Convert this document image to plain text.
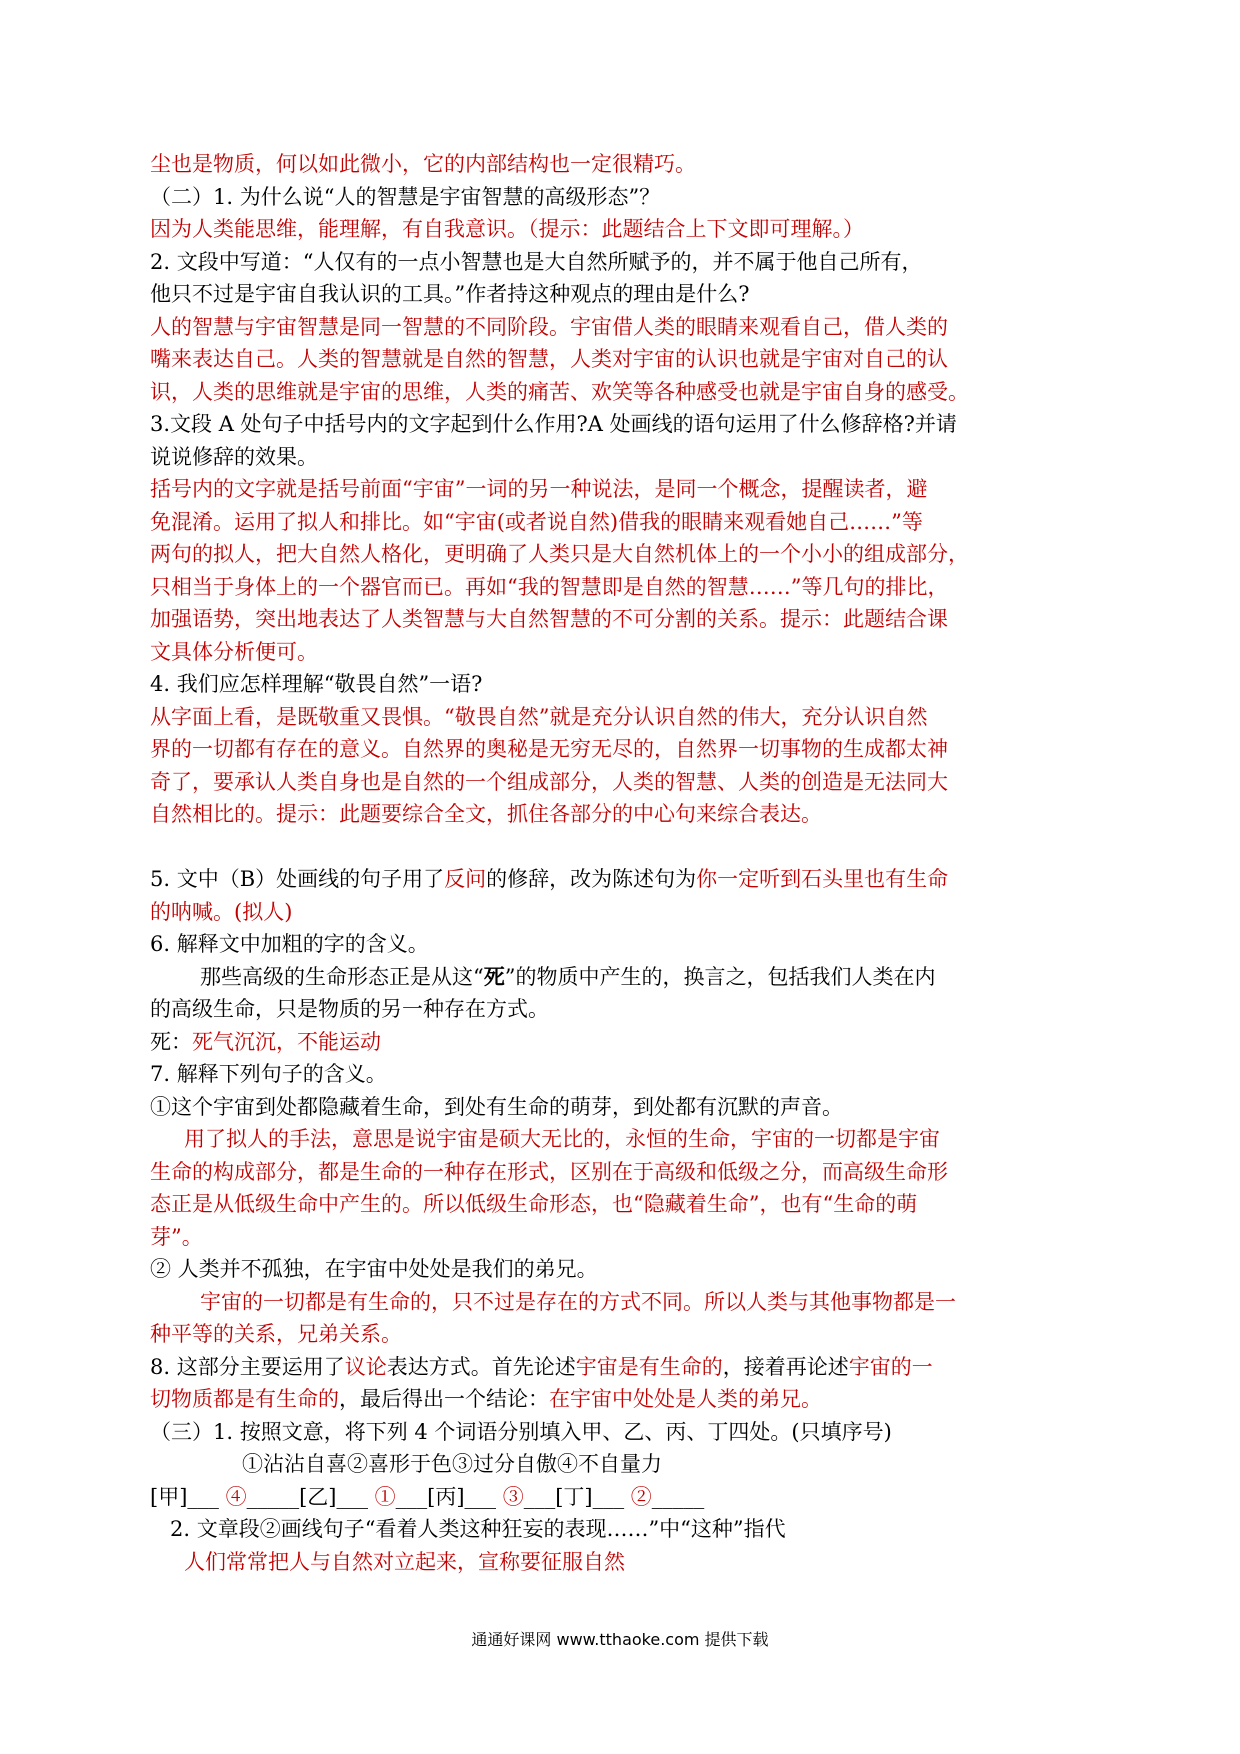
尘也是物质，何以如此微小，它的内部结构也一定很精巧。
（二）1. 为什么说“人的智慧是宇宙智慧的高级形态”？
因为人类能思维，能理解，有自我意识。（提示：此题结合上下文即可理解。）
2. 文段中写道：“人仅有的一点小智慧也是大自然所赋予的，并不属于他自己所有，
他只不过是宇宙自我认识的工具。”作者持这种观点的理由是什么?
人的智慧与宇宙智慧是同一智慧的不同阶段。宇宙借人类的眼睛来观看自己，借人类的
嘴来表达自己。人类的智慧就是自然的智慧，人类对宇宙的认识也就是宇宙对自己的认
识，人类的思维就是宇宙的思维，人类的痛苦、欢笑等各种感受也就是宇宙自身的感受。
3.文段 A 处句子中括号内的文字起到什么作用?A 处画线的语句运用了什么修辞格?并请
说说修辞的效果。
括号内的文字就是括号前面“宇宙”一词的另一种说法，是同一个概念，提醒读者，避
免混淆。运用了拟人和排比。如“宇宙(或者说自然)借我的眼睛来观看她自己……”等
两句的拟人，把大自然人格化，更明确了人类只是大自然机体上的一个小小的组成部分，
只相当于身体上的一个器官而已。再如“我的智慧即是自然的智慧……”等几句的排比，
加强语势，突出地表达了人类智慧与大自然智慧的不可分割的关系。提示：此题结合课
文具体分析便可。
4. 我们应怎样理解“敬畏自然”一语?
从字面上看，是既敬重又畏惧。“敬畏自然”就是充分认识自然的伟大，充分认识自然
界的一切都有存在的意义。自然界的奥秘是无穷无尽的，自然界一切事物的生成都太神
奇了，要承认人类自身也是自然的一个组成部分，人类的智慧、人类的创造是无法同大
自然相比的。提示：此题要综合全文，抓住各部分的中心句来综合表达。
5. 文中（B）处画线的句子用了反问的修辞，改为陈述句为你一定听到石头里也有生命
的呐喊。(拟人)
6. 解释文中加粗的字的含义。
那些高级的生命形态正是从这“死”的物质中产生的，换言之，包括我们人类在内
的高级生命，只是物质的另一种存在方式。
死：死气沉沉，不能运动
7. 解释下列句子的含义。
①这个宇宙到处都隐藏着生命，到处有生命的萌芽，到处都有沉默的声音。
用了拟人的手法，意思是说宇宙是硕大无比的，永恒的生命，宇宙的一切都是宇宙
生命的构成部分，都是生命的一种存在形式，区别在于高级和低级之分，而高级生命形
态正是从低级生命中产生的。所以低级生命形态，也“隐藏着生命”，也有“生命的萌
芽”。
② 人类并不孤独，在宇宙中处处是我们的弟兄。
宇宙的一切都是有生命的，只不过是存在的方式不同。所以人类与其他事物都是一
种平等的关系，兄弟关系。
8. 这部分主要运用了议论表达方式。首先论述宇宙是有生命的，接着再论述宇宙的一
切物质都是有生命的，最后得出一个结论：在宇宙中处处是人类的弟兄。
（三）1. 按照文意，将下列 4 个词语分别填入甲、乙、丙、丁四处。(只填序号)
①沾沾自喜②喜形于色③过分自傲④不自量力
[甲]___ ④_____[乙]___ ①___[丙]___ ③___[丁]___ ②_____
2. 文章段②画线句子“看着人类这种狂妄的表现……”中“这种”指代
人们常常把人与自然对立起来，宣称要征服自然
通通好课网 www.tthaoke.com 提供下载
